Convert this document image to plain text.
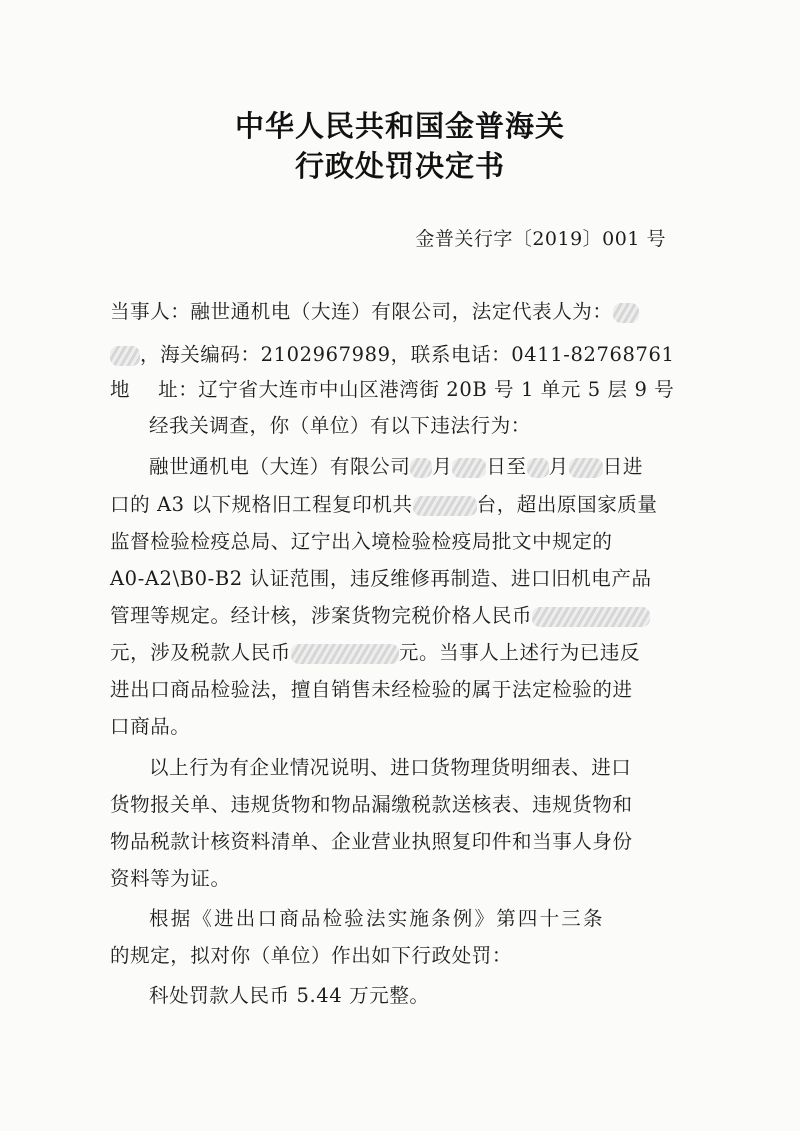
中华人民共和国金普海关
行政处罚决定书
金普关行字〔2019〕001 号
当事人：融世通机电（大连）有限公司，法定代表人为：
，海关编码：2102967989，联系电话：0411-82768761
地 址：辽宁省大连市中山区港湾街 20B 号 1 单元 5 层 9 号
经我关调查，你（单位）有以下违法行为：
融世通机电（大连）有限公司 月 日至 月 日进
口的 A3 以下规格旧工程复印机共	台，超出原国家质量
监督检验检疫总局、辽宁出入境检验检疫局批文中规定的
A0-A2\B0-B2 认证范围，违反维修再制造、进口旧机电产品
管理等规定。经计核，涉案货物完税价格人民币
元，涉及税款人民币	元。当事人上述行为已违反
进出口商品检验法，擅自销售未经检验的属于法定检验的进
口商品。
以上行为有企业情况说明、进口货物理货明细表、进口
货物报关单、违规货物和物品漏缴税款送核表、违规货物和
物品税款计核资料清单、企业营业执照复印件和当事人身份
资料等为证。
根据《进出口商品检验法实施条例》第四十三条
的规定，拟对你（单位）作出如下行政处罚：
科处罚款人民币 5.44 万元整。
